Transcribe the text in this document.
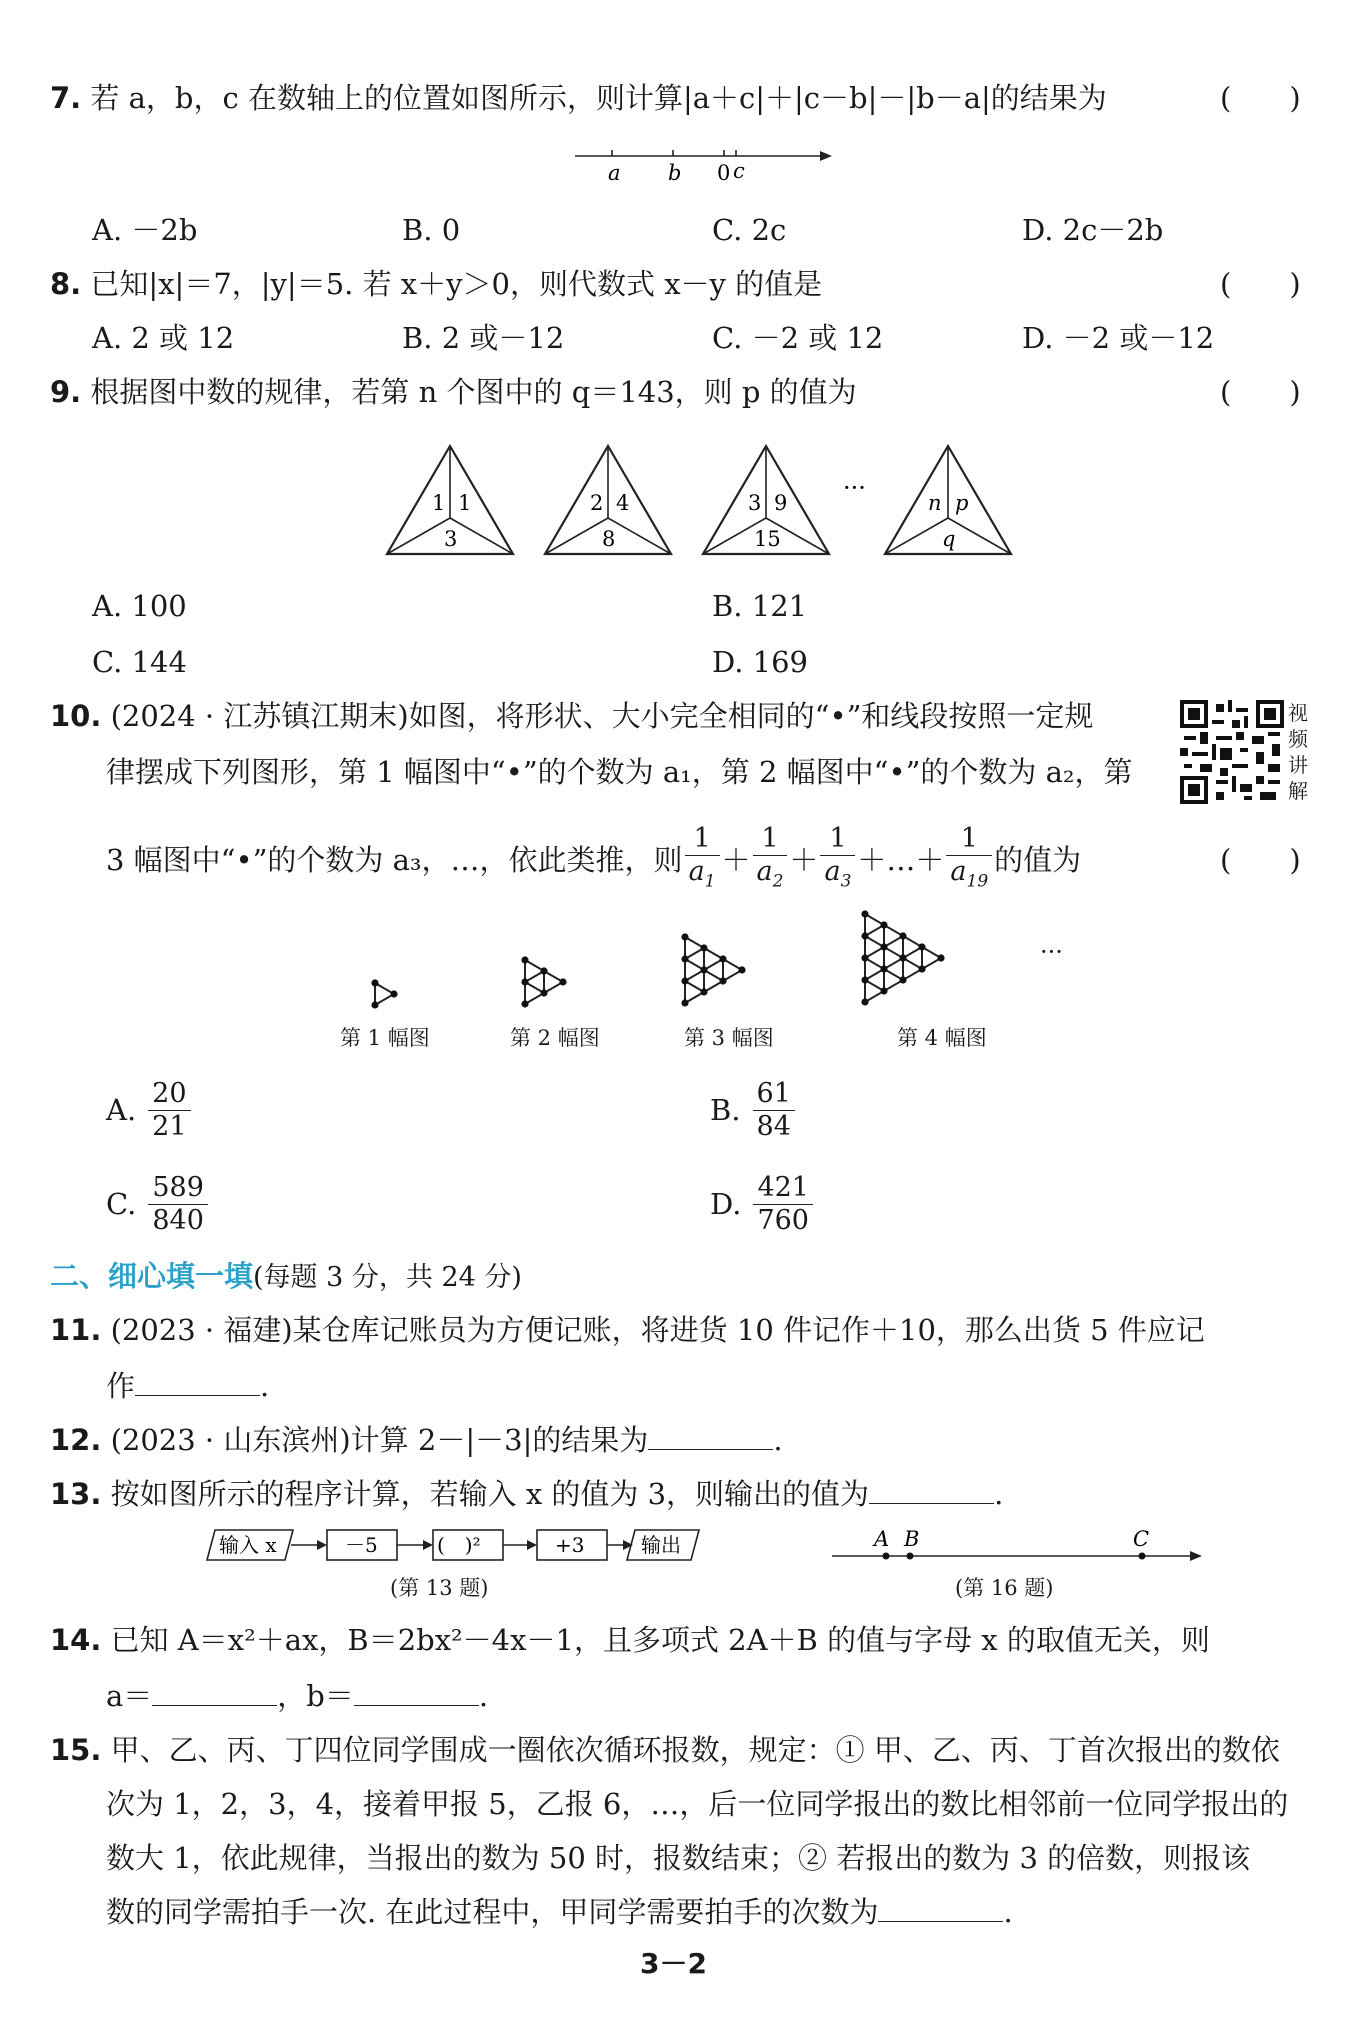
7. 若 a，b，c 在数轴上的位置如图所示，则计算|a＋c|＋|c－b|－|b－a|的结果为	(　　)
a b 0 c
A. －2b	B. 0	C. 2c	D. 2c－2b
8. 已知|x|＝7，|y|＝5. 若 x＋y＞0，则代数式 x－y 的值是	(　　)
A. 2 或 12	B. 2 或－12	C. －2 或 12	D. －2 或－12
9. 根据图中数的规律，若第 n 个图中的 q＝143，则 p 的值为	(　　)
1 1
3
2 4
8
3 9
15
···
n p
q
A. 100	B. 121
C. 144	D. 169
10. (2024 · 江苏镇江期末)如图，将形状、大小完全相同的“•”和线段按照一定规
律摆成下列图形，第 1 幅图中“•”的个数为 a₁，第 2 幅图中“•”的个数为 a₂，第
3 幅图中“•”的个数为 a₃，…，依此类推，则 $\frac{1}{a_1} + \frac{1}{a_2} + \frac{1}{a_3}$ ＋…＋ $\frac{1}{a_{19}}$ 的值为	(　　)
视
频
讲
解
第 1 幅图	第 2 幅图	第 3 幅图	第 4 幅图
···
A. $\frac{20}{21}$	B. $\frac{61}{84}$
C. $\frac{589}{840}$	D. $\frac{421}{760}$
二、细心填一填(每题 3 分，共 24 分)
11. (2023 · 福建)某仓库记账员为方便记账，将进货 10 件记作＋10，那么出货 5 件应记
作	.
12. (2023 · 山东滨州)计算 2－|－3|的结果为	.
13. 按如图所示的程序计算，若输入 x 的值为 3，则输出的值为	.
输入 x	－5	(　)²	+3	输出
(第 13 题)
A B	C
(第 16 题)
14. 已知 A＝x²＋ax，B＝2bx²－4x－1，且多项式 2A＋B 的值与字母 x 的取值无关，则
a＝	，b＝	.
15. 甲、乙、丙、丁四位同学围成一圈依次循环报数，规定：① 甲、乙、丙、丁首次报出的数依
次为 1，2，3，4，接着甲报 5，乙报 6，…，后一位同学报出的数比相邻前一位同学报出的
数大 1，依此规律，当报出的数为 50 时，报数结束；② 若报出的数为 3 的倍数，则报该
数的同学需拍手一次. 在此过程中，甲同学需要拍手的次数为	.
3－2
